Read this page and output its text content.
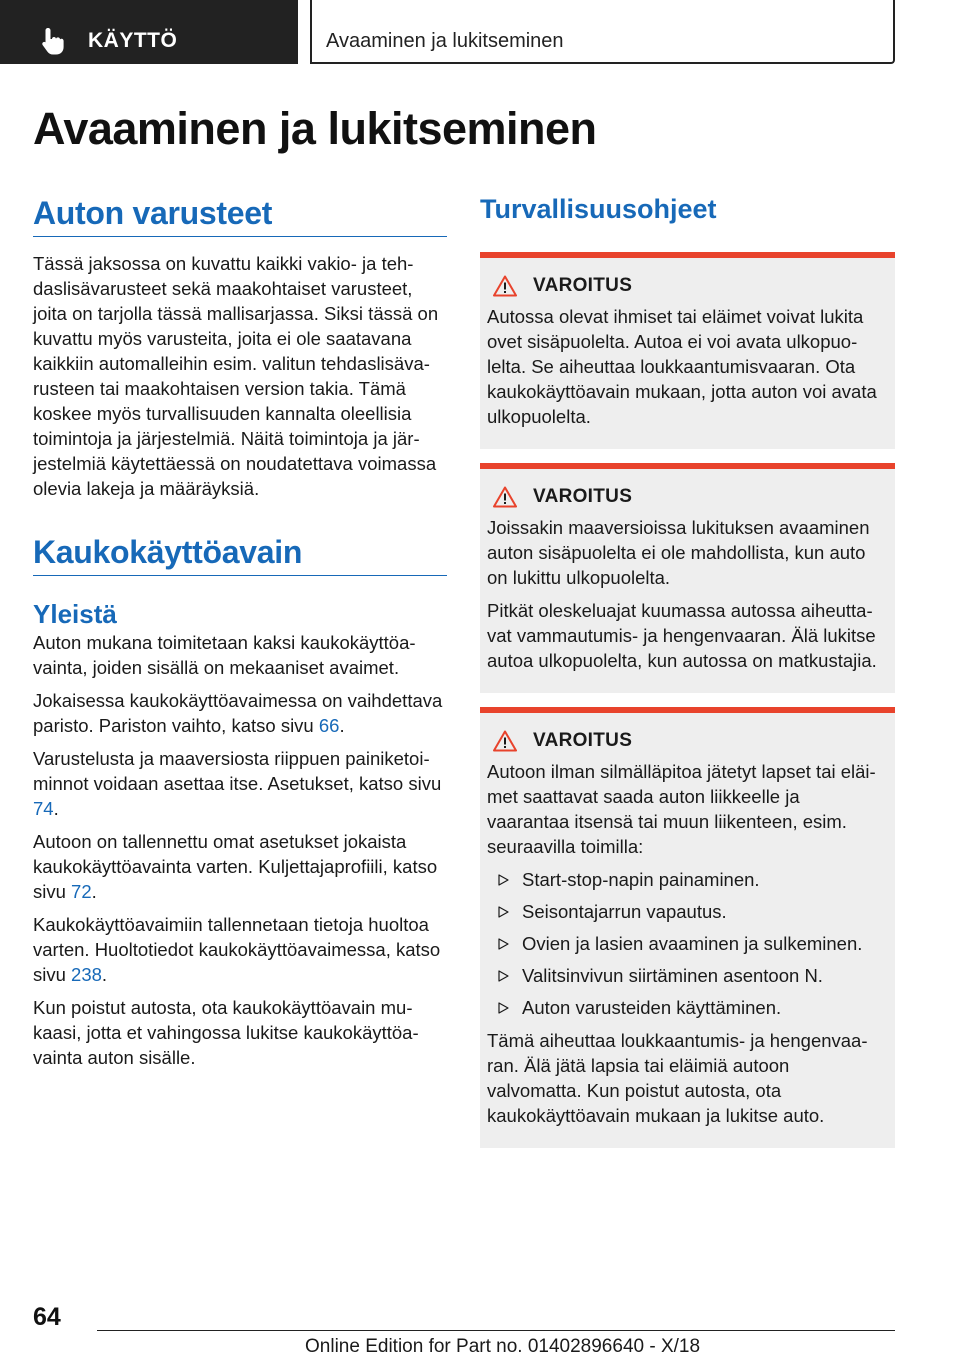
KÄYTTÖ	Avaaminen ja lukitseminen
Avaaminen ja lukitseminen
Auton varusteet

Tässä jaksossa on kuvattu kaikki vakio- ja tehdaslisävarusteet sekä maakohtaiset varusteet, joita on tarjolla tässä mallisarjassa. Siksi tässä on kuvattu myös varusteita, joita ei ole saatavana kaikkiin automalleihin esim. valitun tehdaslisävarusteen tai maakohtaisen version takia. Tämä koskee myös turvallisuuden kannalta oleellisia toimintoja ja järjestelmiä. Näitä toimintoja ja järjestelmiä käytettäessä on noudatettava voimassa olevia lakeja ja määräyksiä.

Kaukokäyttöavain
Yleistä

Auton mukana toimitetaan kaksi kaukokäyttöavainta, joiden sisällä on mekaaniset avaimet.

Jokaisessa kaukokäyttöavaimessa on vaihdettava paristo. Pariston vaihto, katso sivu 66.

Varustelusta ja maaversiosta riippuen painiketoiminnot voidaan asettaa itse. Asetukset, katso sivu 74.

Autoon on tallennettu omat asetukset jokaista kaukokäyttöavainta varten. Kuljettajaprofiili, katso sivu 72.

Kaukokäyttöavaimiin tallennetaan tietoja huoltoa varten. Huoltotiedot kaukokäyttöavaimessa, katso sivu 238.

Kun poistut autosta, ota kaukokäyttöavain mukaasi, jotta et vahingossa lukitse kaukokäyttöavainta auton sisälle.

Turvallisuusohjeet
VAROITUS

Autossa olevat ihmiset tai eläimet voivat lukita ovet sisäpuolelta. Autoa ei voi avata ulkopuolelta. Se aiheuttaa loukkaantumisvaaran. Ota kaukokäyttöavain mukaan, jotta auton voi avata ulkopuolelta.

VAROITUS

Joissakin maaversioissa lukituksen avaaminen auton sisäpuolelta ei ole mahdollista, kun auto on lukittu ulkopuolelta.

Pitkät oleskeluajat kuumassa autossa aiheuttavat vammautumis- ja hengenvaaran. Älä lukitse autoa ulkopuolelta, kun autossa on matkustajia.

VAROITUS

Autoon ilman silmälläpitoa jätetyt lapset tai eläimet saattavat saada auton liikkeelle ja vaarantaa itsensä tai muun liikenteen, esim. seuraavilla toimilla:

Start-stop-napin painaminen.
Seisontajarrun vapautus.
Ovien ja lasien avaaminen ja sulkeminen.
Valitsinvivun siirtäminen asentoon N.
Auton varusteiden käyttäminen.

Tämä aiheuttaa loukkaantumis- ja hengenvaaran. Älä jätä lapsia tai eläimiä autoon valvomatta. Kun poistut autosta, ota kaukokäyttöavain mukaan ja lukitse auto.

64
Online Edition for Part no. 01402896640 - X/18
